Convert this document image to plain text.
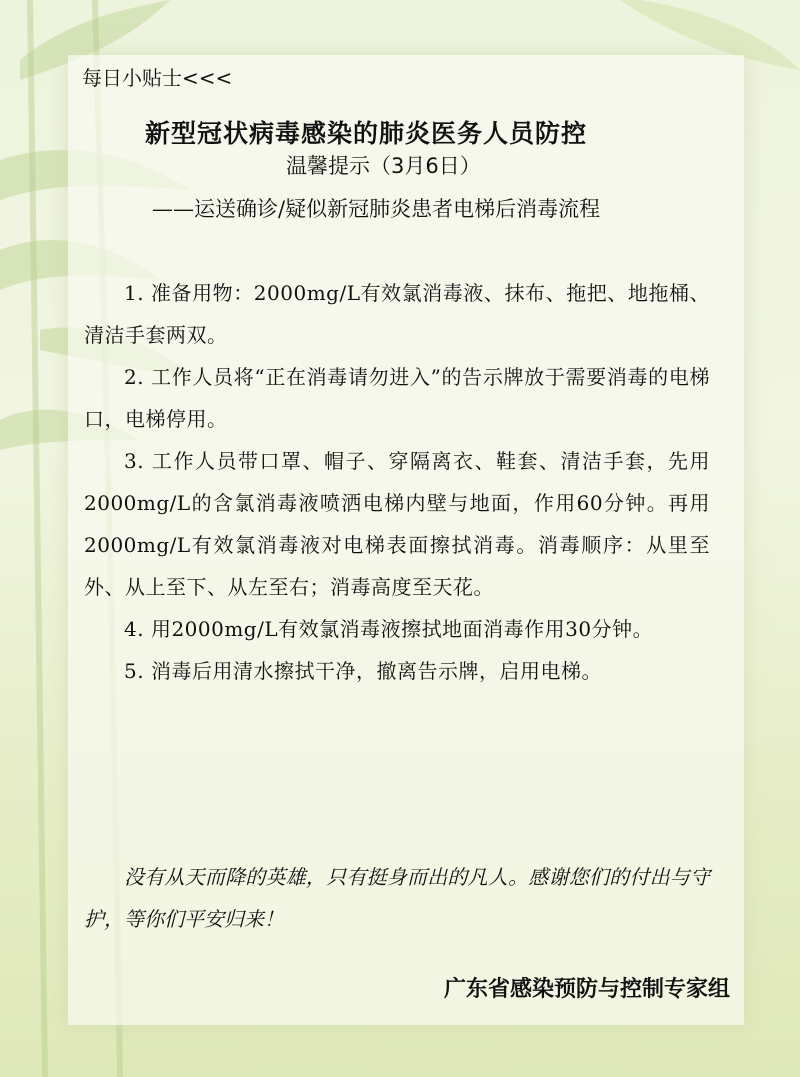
每日小贴士<<<
新型冠状病毒感染的肺炎医务人员防控
温馨提示（3月6日）
——运送确诊/疑似新冠肺炎患者电梯后消毒流程

1. 准备用物：2000mg/L有效氯消毒液、抹布、拖把、地拖桶、清洁手套两双。

2. 工作人员将“正在消毒请勿进入”的告示牌放于需要消毒的电梯口，电梯停用。

3. 工作人员带口罩、帽子、穿隔离衣、鞋套、清洁手套，先用2000mg/L的含氯消毒液喷洒电梯内壁与地面，作用60分钟。再用2000mg/L有效氯消毒液对电梯表面擦拭消毒。消毒顺序：从里至外、从上至下、从左至右；消毒高度至天花。

4. 用2000mg/L有效氯消毒液擦拭地面消毒作用30分钟。

5. 消毒后用清水擦拭干净，撤离告示牌，启用电梯。

没有从天而降的英雄，只有挺身而出的凡人。感谢您们的付出与守护，等你们平安归来！

广东省感染预防与控制专家组
